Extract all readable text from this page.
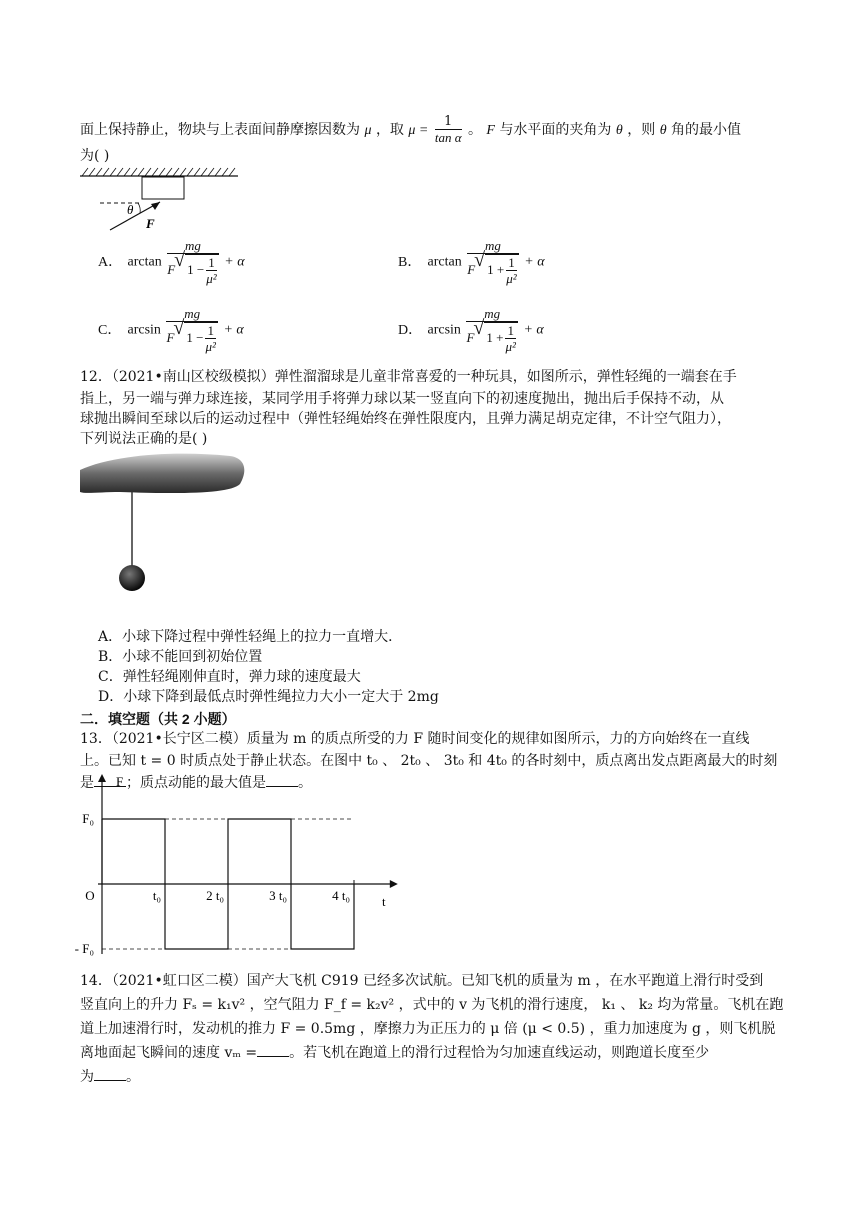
面上保持静止，物块与上表面间静摩擦因数为 μ ，取 $\mu = \frac{1}{\text{tan α}}$ 。 F 与水平面的夹角为 θ ，则 θ 角的最小值
为( )
θ
F
A． $\arctan \frac{mg}{F √ 1 - \frac{1}{\text{μ²}}} + \alpha$	B． $\arctan \frac{mg}{F √ 1 + \frac{1}{\text{μ²}}} + \alpha$
C． $\arcsin \frac{mg}{F √ 1 - \frac{1}{\text{μ²}}} + \alpha$	D． $\arcsin \frac{mg}{F √ 1 + \frac{1}{\text{μ²}}} + \alpha$
12．（2021•南山区校级模拟）弹性溜溜球是儿童非常喜爱的一种玩具，如图所示，弹性轻绳的一端套在手
指上，另一端与弹力球连接，某同学用手将弹力球以某一竖直向下的初速度抛出，抛出后手保持不动，从
球抛出瞬间至球以后的运动过程中（弹性轻绳始终在弹性限度内，且弹力满足胡克定律，不计空气阻力），
下列说法正确的是( )
A．小球下降过程中弹性轻绳上的拉力一直增大．
B．小球不能回到初始位置
C．弹性轻绳刚伸直时，弹力球的速度最大
D．小球下降到最低点时弹性绳拉力大小一定大于 2mg
二．填空题（共 2 小题）
13．（2021•长宁区二模）质量为 m 的质点所受的力 F 随时间变化的规律如图所示，力的方向始终在一直线
上。已知 t = 0 时质点处于静止状态。在图中 t₀ 、 2t₀ 、 3t₀ 和 4t₀ 的各时刻中，质点离出发点距离最大的时刻
是 ；质点动能的最大值是 。
F
t
O
F₀
- F₀
t₀	2 t₀	3 t₀	4 t₀
14．（2021•虹口区二模）国产大飞机 C919 已经多次试航。已知飞机的质量为 m ，在水平跑道上滑行时受到
竖直向上的升力 Fₛ = k₁v² ，空气阻力 F_f = k₂v² ，式中的 v 为飞机的滑行速度， k₁ 、 k₂ 均为常量。飞机在跑
道上加速滑行时，发动机的推力 F = 0.5mg ，摩擦力为正压力的 μ 倍 (μ < 0.5) ，重力加速度为 g ，则飞机脱
离地面起飞瞬间的速度 vₘ = 。若飞机在跑道上的滑行过程恰为匀加速直线运动，则跑道长度至少
为 。
